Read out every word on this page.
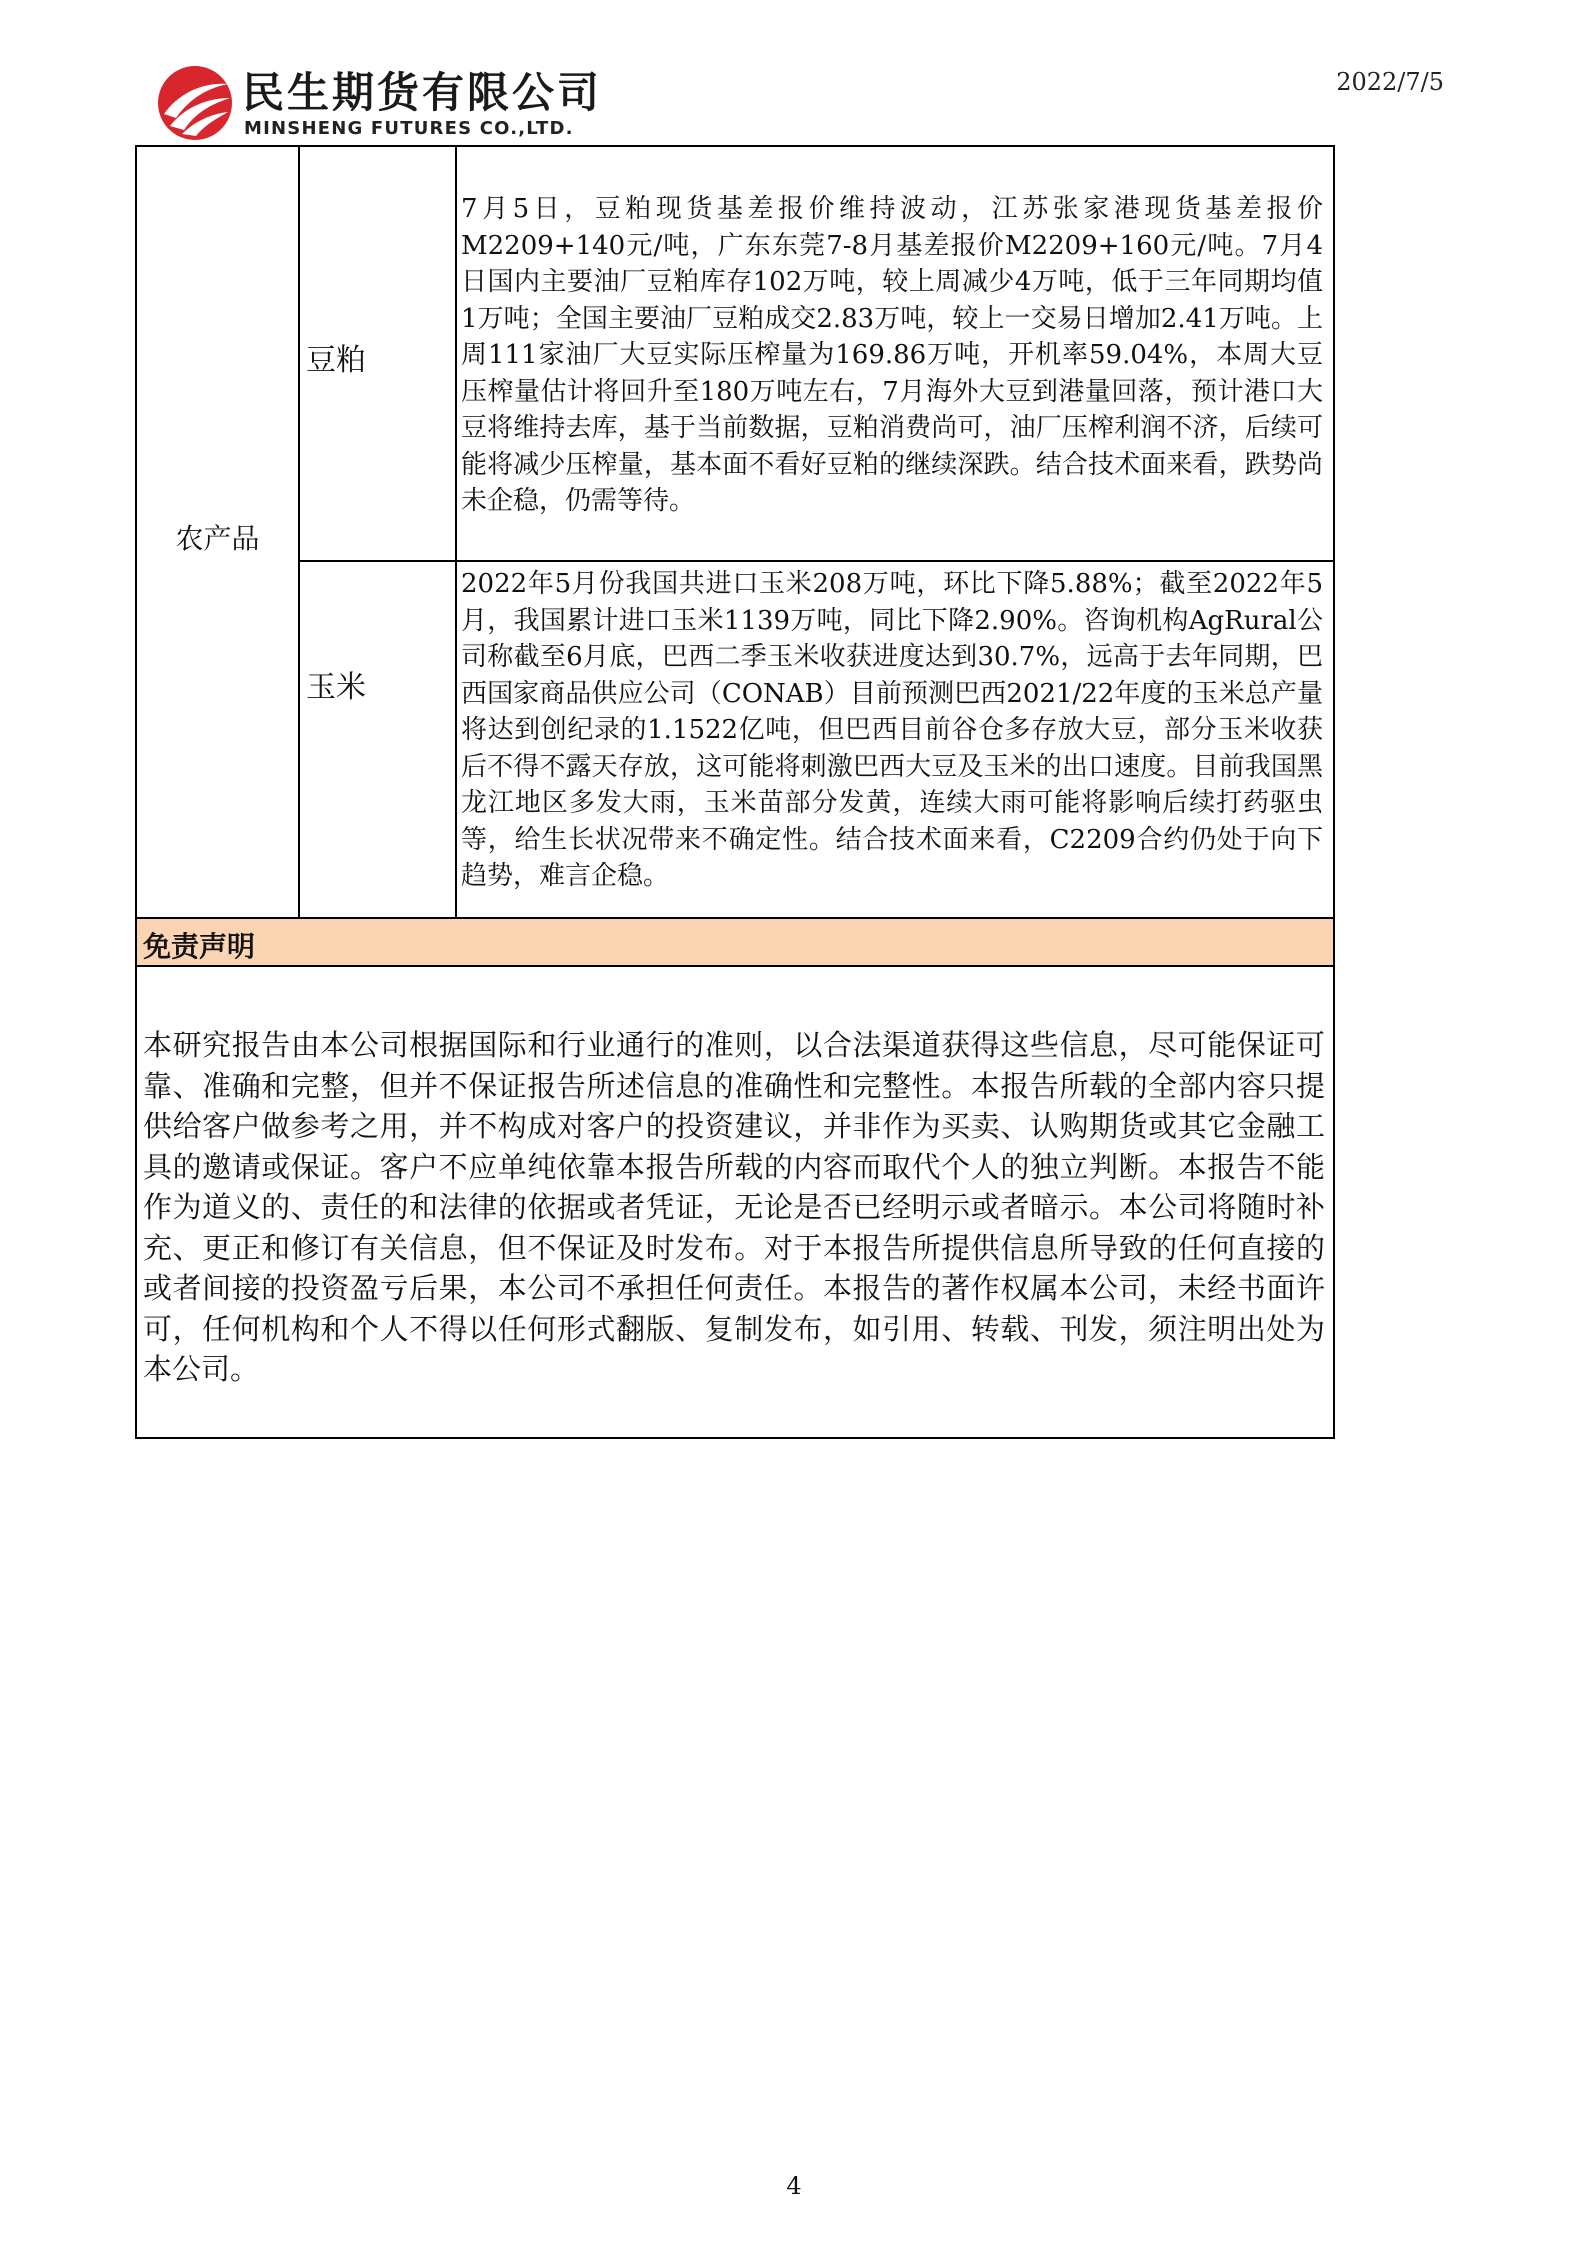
民生期货有限公司
MINSHENG FUTURES CO.,LTD.
2022/7/5
农产品
豆粕
7月5日，豆粕现货基差报价维持波动，江苏张家港现货基差报价M2209+140元/吨，广东东莞7-8月基差报价M2209+160元/吨。7月4日国内主要油厂豆粕库存102万吨，较上周减少4万吨，低于三年同期均值1万吨；全国主要油厂豆粕成交2.83万吨，较上一交易日增加2.41万吨。上周111家油厂大豆实际压榨量为169.86万吨，开机率59.04%，本周大豆压榨量估计将回升至180万吨左右，7月海外大豆到港量回落，预计港口大豆将维持去库，基于当前数据，豆粕消费尚可，油厂压榨利润不济，后续可能将减少压榨量，基本面不看好豆粕的继续深跌。结合技术面来看，跌势尚未企稳，仍需等待。
玉米
2022年5月份我国共进口玉米208万吨，环比下降5.88%；截至2022年5月，我国累计进口玉米1139万吨，同比下降2.90%。咨询机构AgRural公司称截至6月底，巴西二季玉米收获进度达到30.7%，远高于去年同期，巴西国家商品供应公司（CONAB）目前预测巴西2021/22年度的玉米总产量将达到创纪录的1.1522亿吨，但巴西目前谷仓多存放大豆，部分玉米收获后不得不露天存放，这可能将刺激巴西大豆及玉米的出口速度。目前我国黑龙江地区多发大雨，玉米苗部分发黄，连续大雨可能将影响后续打药驱虫等，给生长状况带来不确定性。结合技术面来看，C2209合约仍处于向下趋势，难言企稳。
免责声明
本研究报告由本公司根据国际和行业通行的准则，以合法渠道获得这些信息，尽可能保证可靠、准确和完整，但并不保证报告所述信息的准确性和完整性。本报告所载的全部内容只提供给客户做参考之用，并不构成对客户的投资建议，并非作为买卖、认购期货或其它金融工具的邀请或保证。客户不应单纯依靠本报告所载的内容而取代个人的独立判断。本报告不能作为道义的、责任的和法律的依据或者凭证，无论是否已经明示或者暗示。本公司将随时补充、更正和修订有关信息，但不保证及时发布。对于本报告所提供信息所导致的任何直接的或者间接的投资盈亏后果，本公司不承担任何责任。本报告的著作权属本公司，未经书面许可，任何机构和个人不得以任何形式翻版、复制发布，如引用、转载、刊发，须注明出处为本公司。
4
